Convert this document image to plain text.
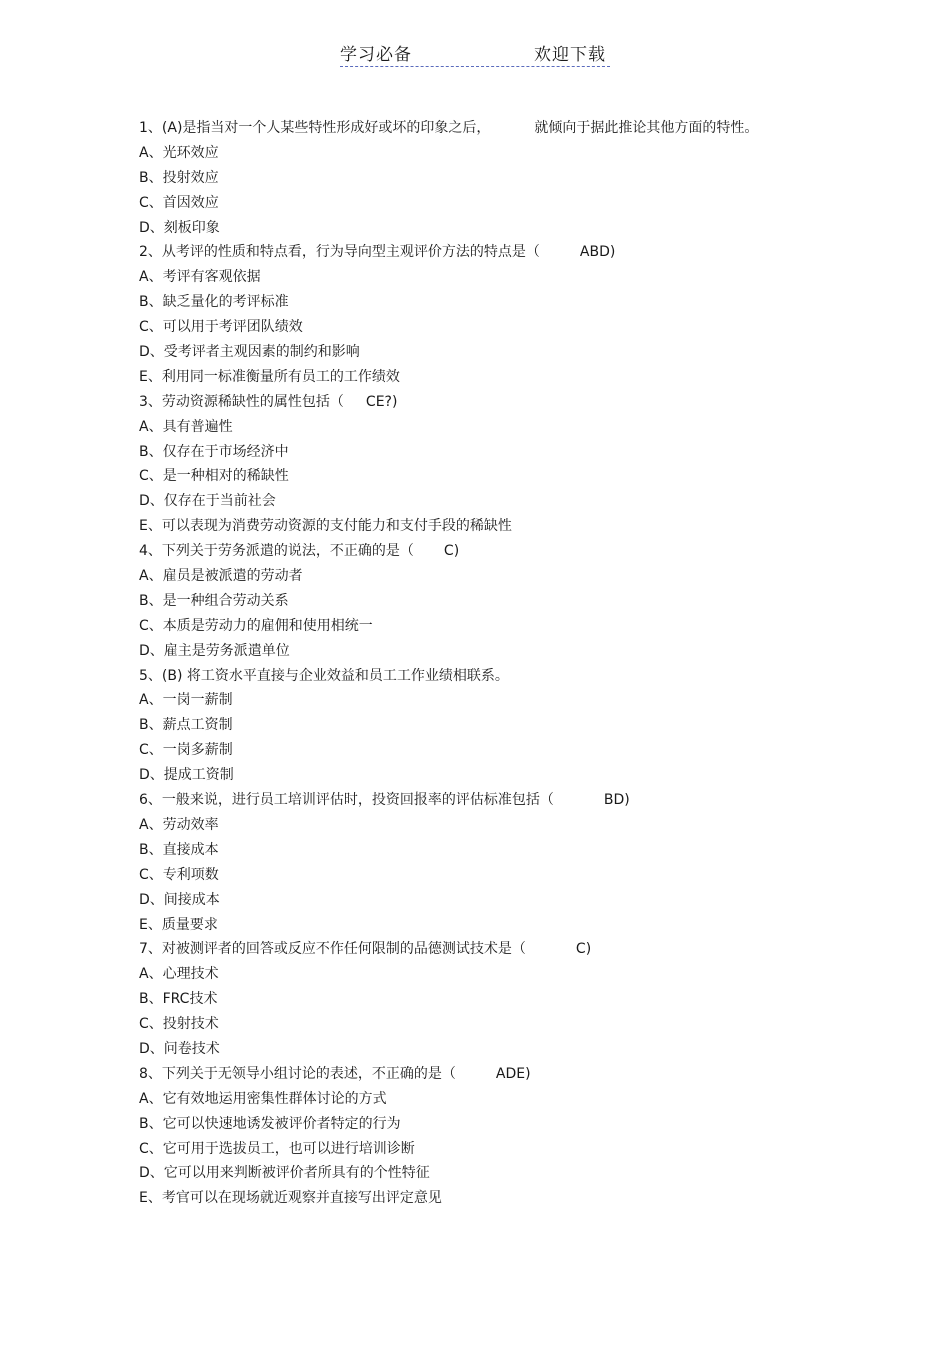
学习必备	欢迎下载
1、(A)是指当对一个人某些特性形成好或坏的印象之后，	就倾向于据此推论其他方面的特性。
A、光环效应
B、投射效应
C、首因效应
D、刻板印象
2、从考评的性质和特点看，行为导向型主观评价方法的特点是（	ABD)
A、考评有客观依据
B、缺乏量化的考评标准
C、可以用于考评团队绩效
D、受考评者主观因素的制约和影响
E、利用同一标准衡量所有员工的工作绩效
3、劳动资源稀缺性的属性包括（ CE?)
A、具有普遍性
B、仅存在于市场经济中
C、是一种相对的稀缺性
D、仅存在于当前社会
E、可以表现为消费劳动资源的支付能力和支付手段的稀缺性
4、下列关于劳务派遣的说法，不正确的是（ C)
A、雇员是被派遣的劳动者
B、是一种组合劳动关系
C、本质是劳动力的雇佣和使用相统一
D、雇主是劳务派遣单位
5、(B) 将工资水平直接与企业效益和员工工作业绩相联系。
A、一岗一薪制
B、薪点工资制
C、一岗多薪制
D、提成工资制
6、一般来说，进行员工培训评估时，投资回报率的评估标准包括（	BD)
A、劳动效率
B、直接成本
C、专利项数
D、间接成本
E、质量要求
7、对被测评者的回答或反应不作任何限制的品德测试技术是（	C)
A、心理技术
B、FRC技术
C、投射技术
D、问卷技术
8、下列关于无领导小组讨论的表述，不正确的是（	ADE)
A、它有效地运用密集性群体讨论的方式
B、它可以快速地诱发被评价者特定的行为
C、它可用于选拔员工，也可以进行培训诊断
D、它可以用来判断被评价者所具有的个性特征
E、考官可以在现场就近观察并直接写出评定意见
